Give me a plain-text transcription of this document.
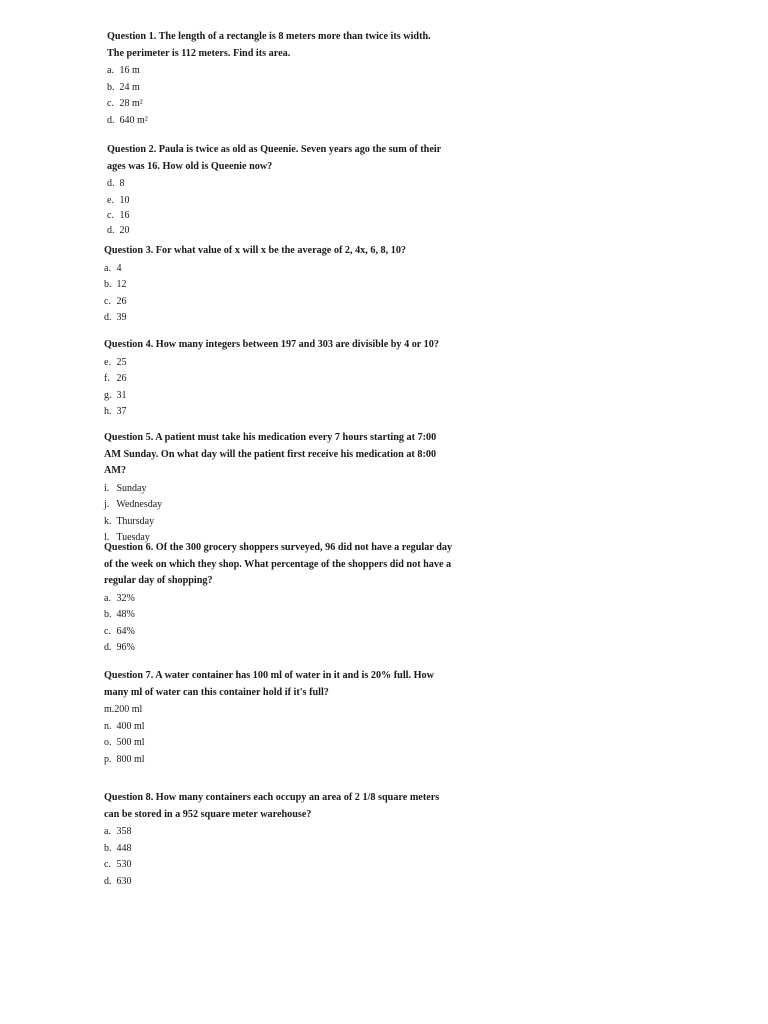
Question 1. The length of a rectangle is 8 meters more than twice its width. The perimeter is 112 meters. Find its area.
a. 16 m
b. 24 m
c. 28 m²
d. 640 m²
Question 2. Paula is twice as old as Queenie. Seven years ago the sum of their ages was 16. How old is Queenie now?
d. 8
e. 10
c. 16
d. 20
Question 3. For what value of x will x be the average of 2, 4x, 6, 8, 10?
a. 4
b. 12
c. 26
d. 39
Question 4. How many integers between 197 and 303 are divisible by 4 or 10?
e. 25
f. 26
g. 31
h. 37
Question 5. A patient must take his medication every 7 hours starting at 7:00 AM Sunday. On what day will the patient first receive his medication at 8:00 AM?
i. Sunday
j. Wednesday
k. Thursday
l. Tuesday
Question 6. Of the 300 grocery shoppers surveyed, 96 did not have a regular day of the week on which they shop. What percentage of the shoppers did not have a regular day of shopping?
a. 32%
b. 48%
c. 64%
d. 96%
Question 7. A water container has 100 ml of water in it and is 20% full. How many ml of water can this container hold if it's full?
m.200 ml
n. 400 ml
o. 500 ml
p. 800 ml
Question 8. How many containers each occupy an area of 2 1/8 square meters can be stored in a 952 square meter warehouse?
a. 358
b. 448
c. 530
d. 630
